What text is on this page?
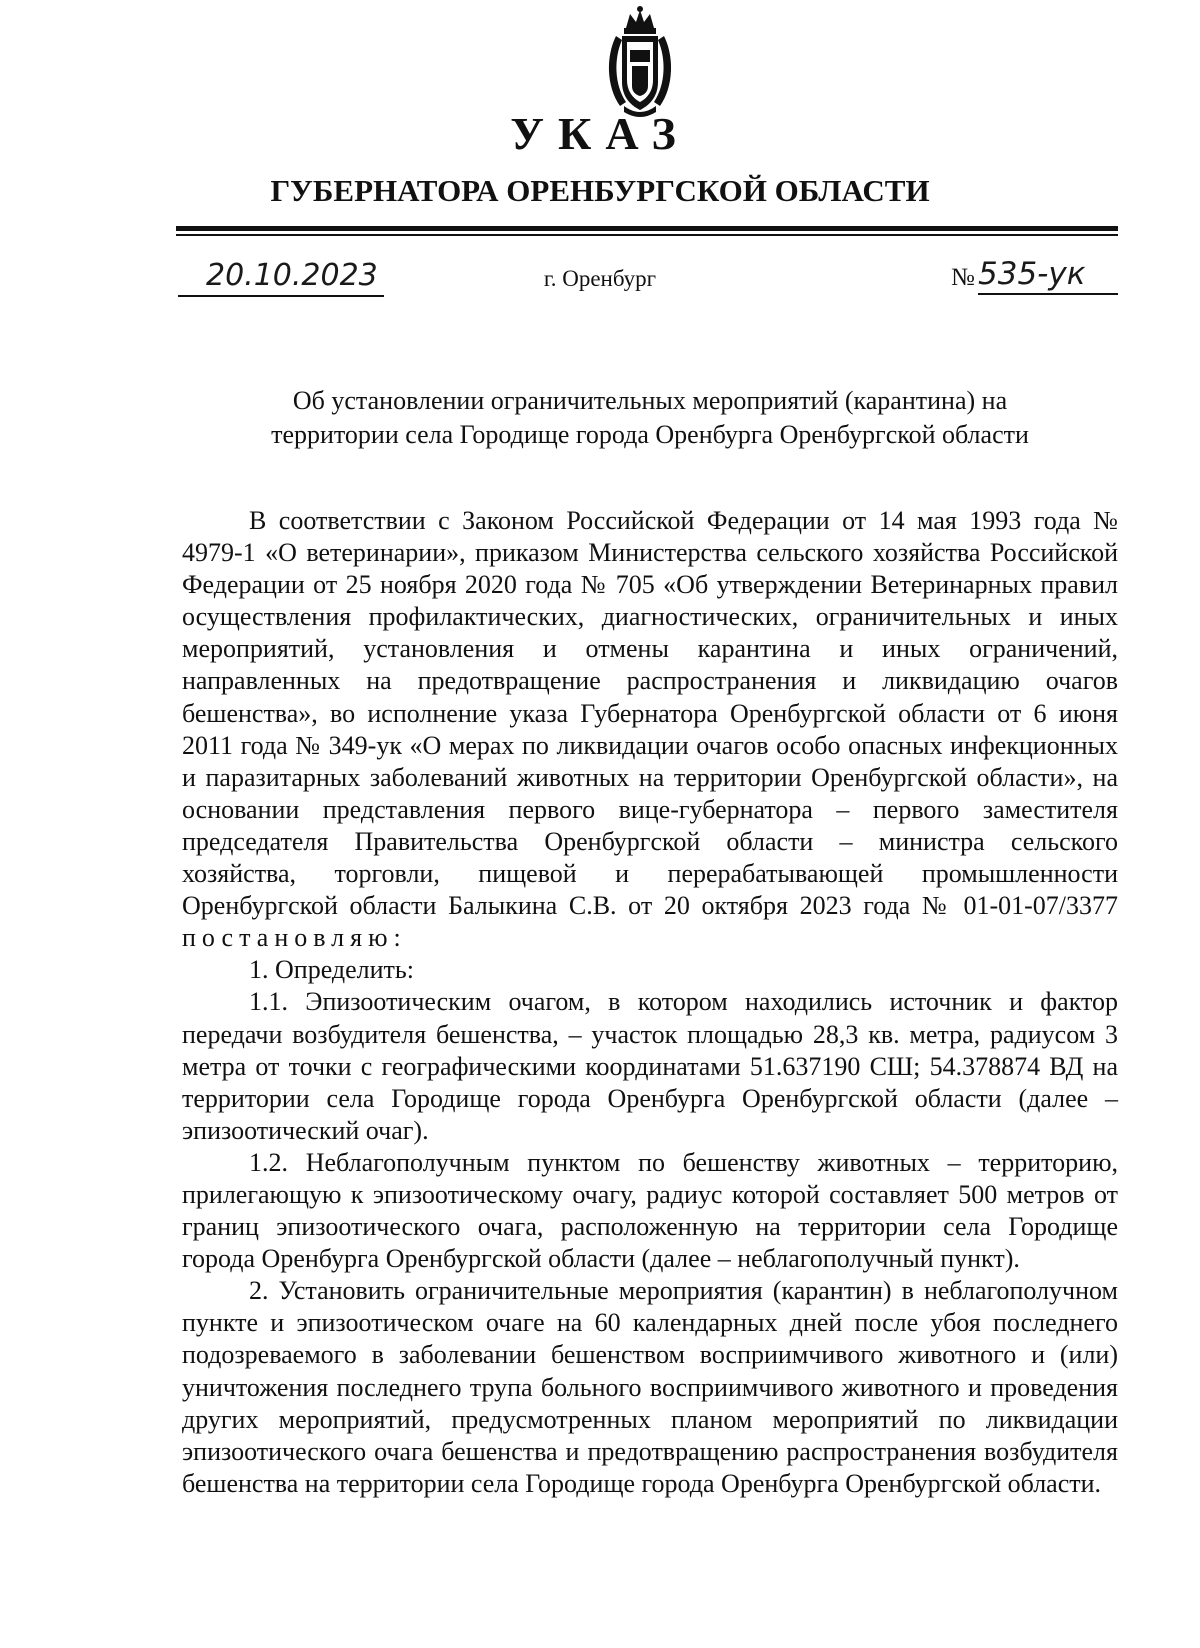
УКАЗ
ГУБЕРНАТОРА ОРЕНБУРГСКОЙ ОБЛАСТИ
20.10.2023	г. Оренбург	№ 535-ук
Об установлении ограничительных мероприятий (карантина) на
территории села Городище города Оренбурга Оренбургской области

В соответствии с Законом Российской Федерации от 14 мая 1993 года № 4979-1 «О ветеринарии», приказом Министерства сельского хозяйства Российской Федерации от 25 ноября 2020 года № 705 «Об утверждении Ветеринарных правил осуществления профилактических, диагностических, ограничительных и иных мероприятий, установления и отмены карантина и иных ограничений, направленных на предотвращение распространения и ликвидацию очагов бешенства», во исполнение указа Губернатора Оренбургской области от 6 июня 2011 года № 349-ук «О мерах по ликвидации очагов особо опасных инфекционных и паразитарных заболеваний животных на территории Оренбургской области», на основании представления первого вице-губернатора – первого заместителя председателя Правительства Оренбургской области – министра сельского хозяйства, торговли, пищевой и перерабатывающей промышленности Оренбургской области Балыкина С.В. от 20 октября 2023 года № 01-01-07/3377 постановляю:

1. Определить:

1.1. Эпизоотическим очагом, в котором находились источник и фактор передачи возбудителя бешенства, – участок площадью 28,3 кв. метра, радиусом 3 метра от точки с географическими координатами 51.637190 СШ; 54.378874 ВД на территории села Городище города Оренбурга Оренбургской области (далее – эпизоотический очаг).

1.2. Неблагополучным пунктом по бешенству животных – территорию, прилегающую к эпизоотическому очагу, радиус которой составляет 500 метров от границ эпизоотического очага, расположенную на территории села Городище города Оренбурга Оренбургской области (далее – неблагополучный пункт).

2. Установить ограничительные мероприятия (карантин) в неблагополучном пункте и эпизоотическом очаге на 60 календарных дней после убоя последнего подозреваемого в заболевании бешенством восприимчивого животного и (или) уничтожения последнего трупа больного восприимчивого животного и проведения других мероприятий, предусмотренных планом мероприятий по ликвидации эпизоотического очага бешенства и предотвращению распространения возбудителя бешенства на территории села Городище города Оренбурга Оренбургской области.
